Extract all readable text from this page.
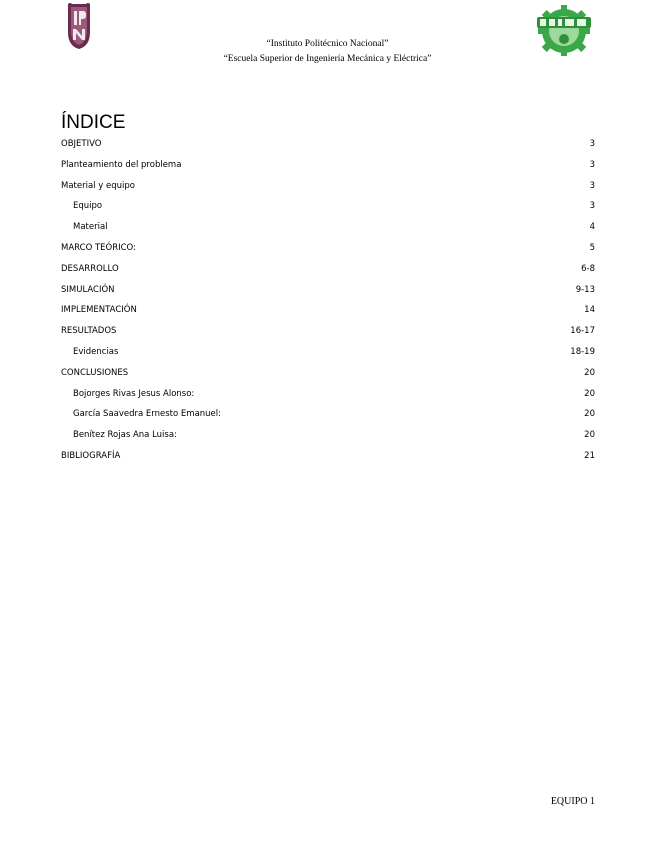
“Instituto Politécnico Nacional”
“Escuela Superior de Ingeniería Mecánica y Eléctrica”
ÍNDICE
OBJETIVO	3
Planteamiento del problema	3
Material y equipo	3
Equipo	3
Material	4
MARCO TEÓRICO:	5
DESARROLLO	6-8
SIMULACIÓN	9-13
IMPLEMENTACIÓN	14
RESULTADOS	16-17
Evidencias	18-19
CONCLUSIONES	20
Bojorges Rivas Jesus Alonso:	20
García Saavedra Ernesto Emanuel:	20
Benítez Rojas Ana Luisa:	20
BIBLIOGRAFÍA	21
EQUIPO 1
